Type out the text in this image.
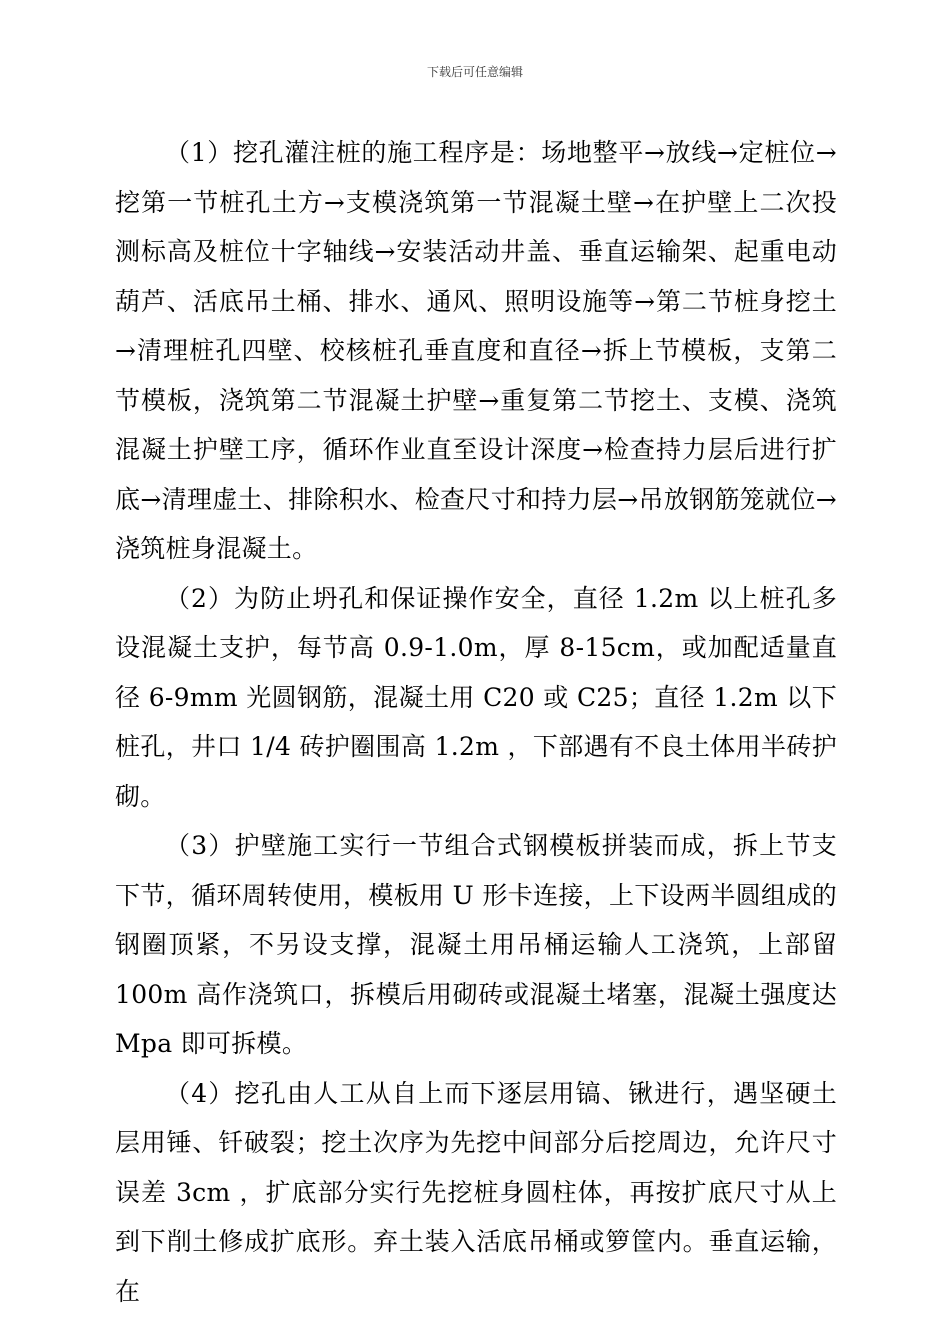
下载后可任意编辑

（1）挖孔灌注桩的施工程序是：场地整平→放线→定桩位→挖第一节桩孔土方→支模浇筑第一节混凝土壁→在护壁上二次投测标高及桩位十字轴线→安装活动井盖、垂直运输架、起重电动葫芦、活底吊土桶、排水、通风、照明设施等→第二节桩身挖土→清理桩孔四壁、校核桩孔垂直度和直径→拆上节模板，支第二节模板，浇筑第二节混凝土护壁→重复第二节挖土、支模、浇筑混凝土护壁工序，循环作业直至设计深度→检查持力层后进行扩底→清理虚土、排除积水、检查尺寸和持力层→吊放钢筋笼就位→浇筑桩身混凝土。

（2）为防止坍孔和保证操作安全，直径 1.2m 以上桩孔多设混凝土支护，每节高 0.9-1.0m，厚 8-15cm，或加配适量直径 6-9mm 光圆钢筋，混凝土用 C20 或 C25；直径 1.2m 以下桩孔，井口 1/4 砖护圈围高 1.2m ，下部遇有不良土体用半砖护砌。

（3）护壁施工实行一节组合式钢模板拼装而成，拆上节支下节，循环周转使用，模板用 U 形卡连接，上下设两半圆组成的钢圈顶紧，不另设支撑，混凝土用吊桶运输人工浇筑，上部留 100m 高作浇筑口，拆模后用砌砖或混凝土堵塞，混凝土强度达 Mpa 即可拆模。

（4）挖孔由人工从自上而下逐层用镐、锹进行，遇坚硬土层用锤、钎破裂；挖土次序为先挖中间部分后挖周边，允许尺寸误差 3cm ，扩底部分实行先挖桩身圆柱体，再按扩底尺寸从上到下削土修成扩底形。弃土装入活底吊桶或箩筐内。垂直运输，在
